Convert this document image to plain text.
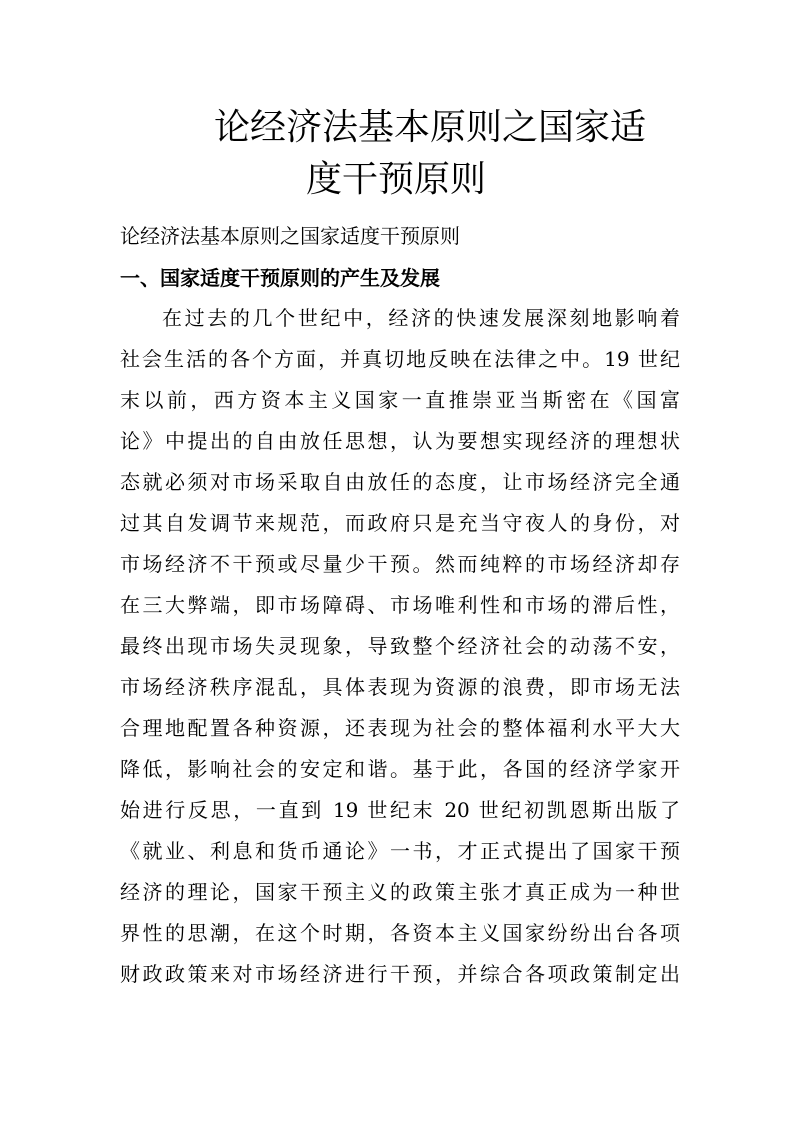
论经济法基本原则之国家适
度干预原则

论经济法基本原则之国家适度干预原则

一、国家适度干预原则的产生及发展
在过去的几个世纪中，经济的快速发展深刻地影响着
社会生活的各个方面，并真切地反映在法律之中。19 世纪
末以前，西方资本主义国家一直推崇亚当斯密在《国富
论》中提出的自由放任思想，认为要想实现经济的理想状
态就必须对市场采取自由放任的态度，让市场经济完全通
过其自发调节来规范，而政府只是充当守夜人的身份，对
市场经济不干预或尽量少干预。然而纯粹的市场经济却存
在三大弊端，即市场障碍、市场唯利性和市场的滞后性，
最终出现市场失灵现象，导致整个经济社会的动荡不安，
市场经济秩序混乱，具体表现为资源的浪费，即市场无法
合理地配置各种资源，还表现为社会的整体福利水平大大
降低，影响社会的安定和谐。基于此，各国的经济学家开
始进行反思，一直到 19 世纪末 20 世纪初凯恩斯出版了
《就业、利息和货币通论》一书，才正式提出了国家干预
经济的理论，国家干预主义的政策主张才真正成为一种世
界性的思潮，在这个时期，各资本主义国家纷纷出台各项
财政政策来对市场经济进行干预，并综合各项政策制定出
